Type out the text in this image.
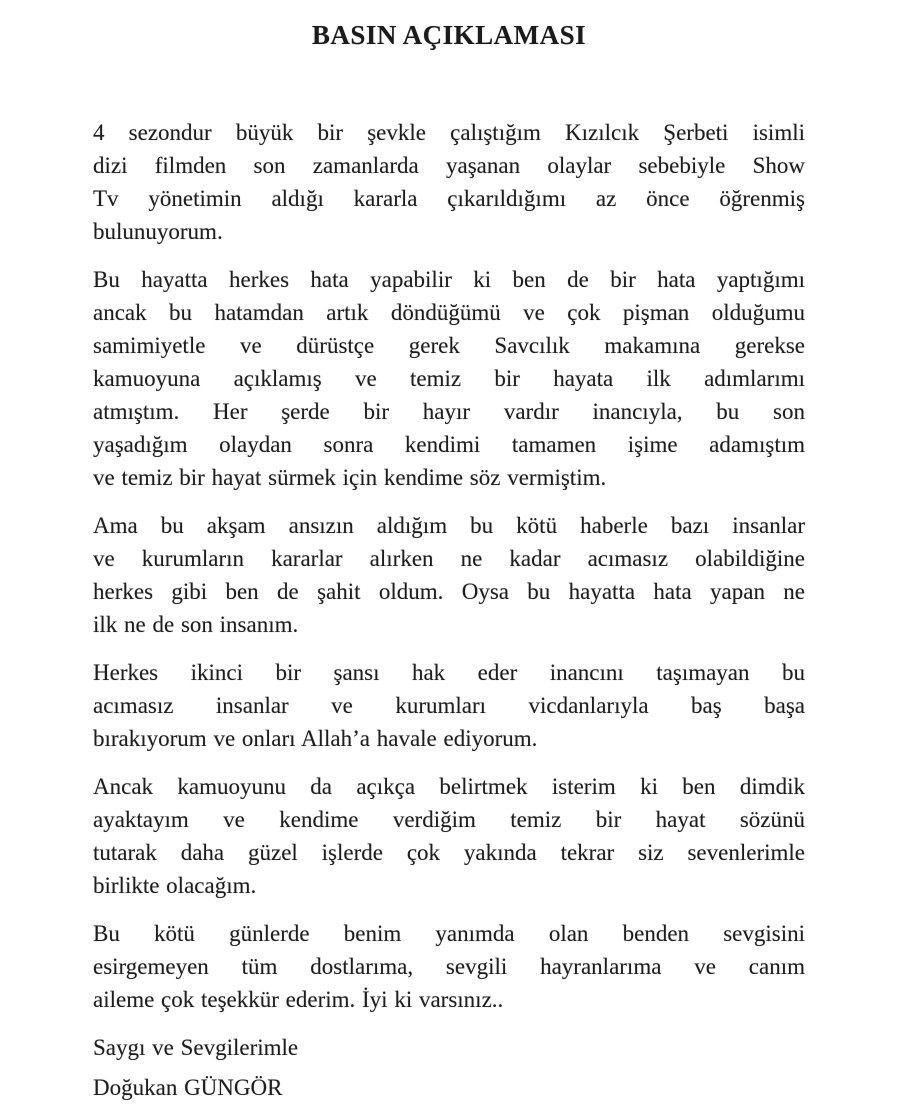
BASIN AÇIKLAMASI
4 sezondur büyük bir şevkle çalıştığım Kızılcık Şerbeti isimli
dizi filmden son zamanlarda yaşanan olaylar sebebiyle Show
Tv yönetimin aldığı kararla çıkarıldığımı az önce öğrenmiş
bulunuyorum.
Bu hayatta herkes hata yapabilir ki ben de bir hata yaptığımı
ancak bu hatamdan artık döndüğümü ve çok pişman olduğumu
samimiyetle ve dürüstçe gerek Savcılık makamına gerekse
kamuoyuna açıklamış ve temiz bir hayata ilk adımlarımı
atmıştım. Her şerde bir hayır vardır inancıyla, bu son
yaşadığım olaydan sonra kendimi tamamen işime adamıştım
ve temiz bir hayat sürmek için kendime söz vermiştim.
Ama bu akşam ansızın aldığım bu kötü haberle bazı insanlar
ve kurumların kararlar alırken ne kadar acımasız olabildiğine
herkes gibi ben de şahit oldum. Oysa bu hayatta hata yapan ne
ilk ne de son insanım.
Herkes ikinci bir şansı hak eder inancını taşımayan bu
acımasız insanlar ve kurumları vicdanlarıyla baş başa
bırakıyorum ve onları Allah’a havale ediyorum.
Ancak kamuoyunu da açıkça belirtmek isterim ki ben dimdik
ayaktayım ve kendime verdiğim temiz bir hayat sözünü
tutarak daha güzel işlerde çok yakında tekrar siz sevenlerimle
birlikte olacağım.
Bu kötü günlerde benim yanımda olan benden sevgisini
esirgemeyen tüm dostlarıma, sevgili hayranlarıma ve canım
aileme çok teşekkür ederim. İyi ki varsınız..
Saygı ve Sevgilerimle
Doğukan GÜNGÖR
